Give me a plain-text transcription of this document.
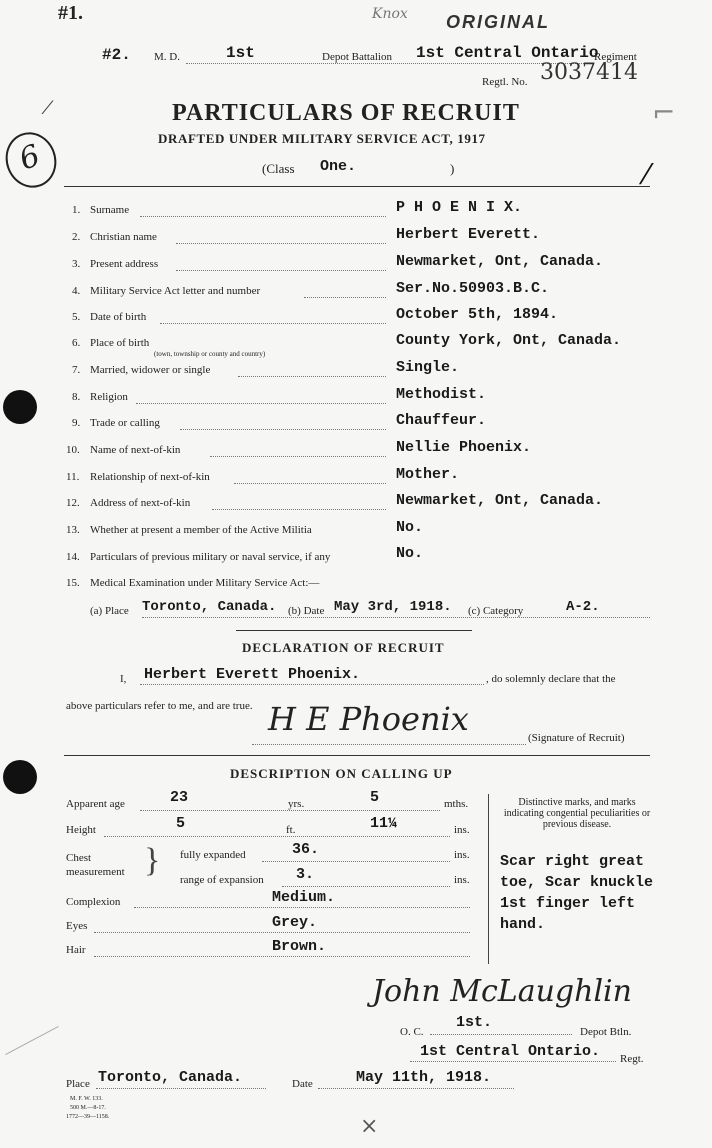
#1.	Knox ORIGINAL
6
⁄	⌐
#2. M. D.	1st	Depot Battalion 1st Central Ontario
Regiment
Regtl. No. 3037414
PARTICULARS OF RECRUIT
DRAFTED UNDER MILITARY SERVICE ACT, 1917
(Class One.	)	⁄
1. Surname	P H O E N I X.
2. Christian name	Herbert Everett.
3. Present address	Newmarket, Ont, Canada.
4. Military Service Act letter and number	Ser.No.50903.B.C.
5. Date of birth	October 5th, 1894.
6. Place of birth
(town, township or county and country)
County York, Ont, Canada.
7. Married, widower or single	Single.
8. Religion	Methodist.
9. Trade or calling	Chauffeur.
10. Name of next-of-kin	Nellie Phoenix.
11. Relationship of next-of-kin	Mother.
12. Address of next-of-kin	Newmarket, Ont, Canada.
13. Whether at present a member of the Active Militia	No.
14. Particulars of previous military or naval service, if any	No.
15. Medical Examination under Military Service Act:—
(a) Place Toronto, Canada. (b) Date May 3rd, 1918. (c) Category	A-2.
DECLARATION OF RECRUIT
I, Herbert Everett Phoenix.	, do solemnly declare that the
above particulars refer to me, and are true. H E Phoenix	(Signature of Recruit)
DESCRIPTION ON CALLING UP
Apparent age	23	yrs.	5	mths.
Height	5	ft.	11¼	ins.
Chest
measurement } fully expanded	36.	ins.
range of expansion 3.	ins.
Complexion	Medium.
Eyes	Grey.
Hair	Brown.
Distinctive marks, and marks indicating congential peculiarities or previous disease.
Scar right great
toe, Scar knuckle
1st finger left
hand.
John McLaughlin
O. C.
1st.
Depot Btln.
1st Central Ontario. Regt.
Place Toronto, Canada.	Date	May 11th, 1918.
M. F. W. 133.
500 M.—8-17.
1772—39—1158.	×
